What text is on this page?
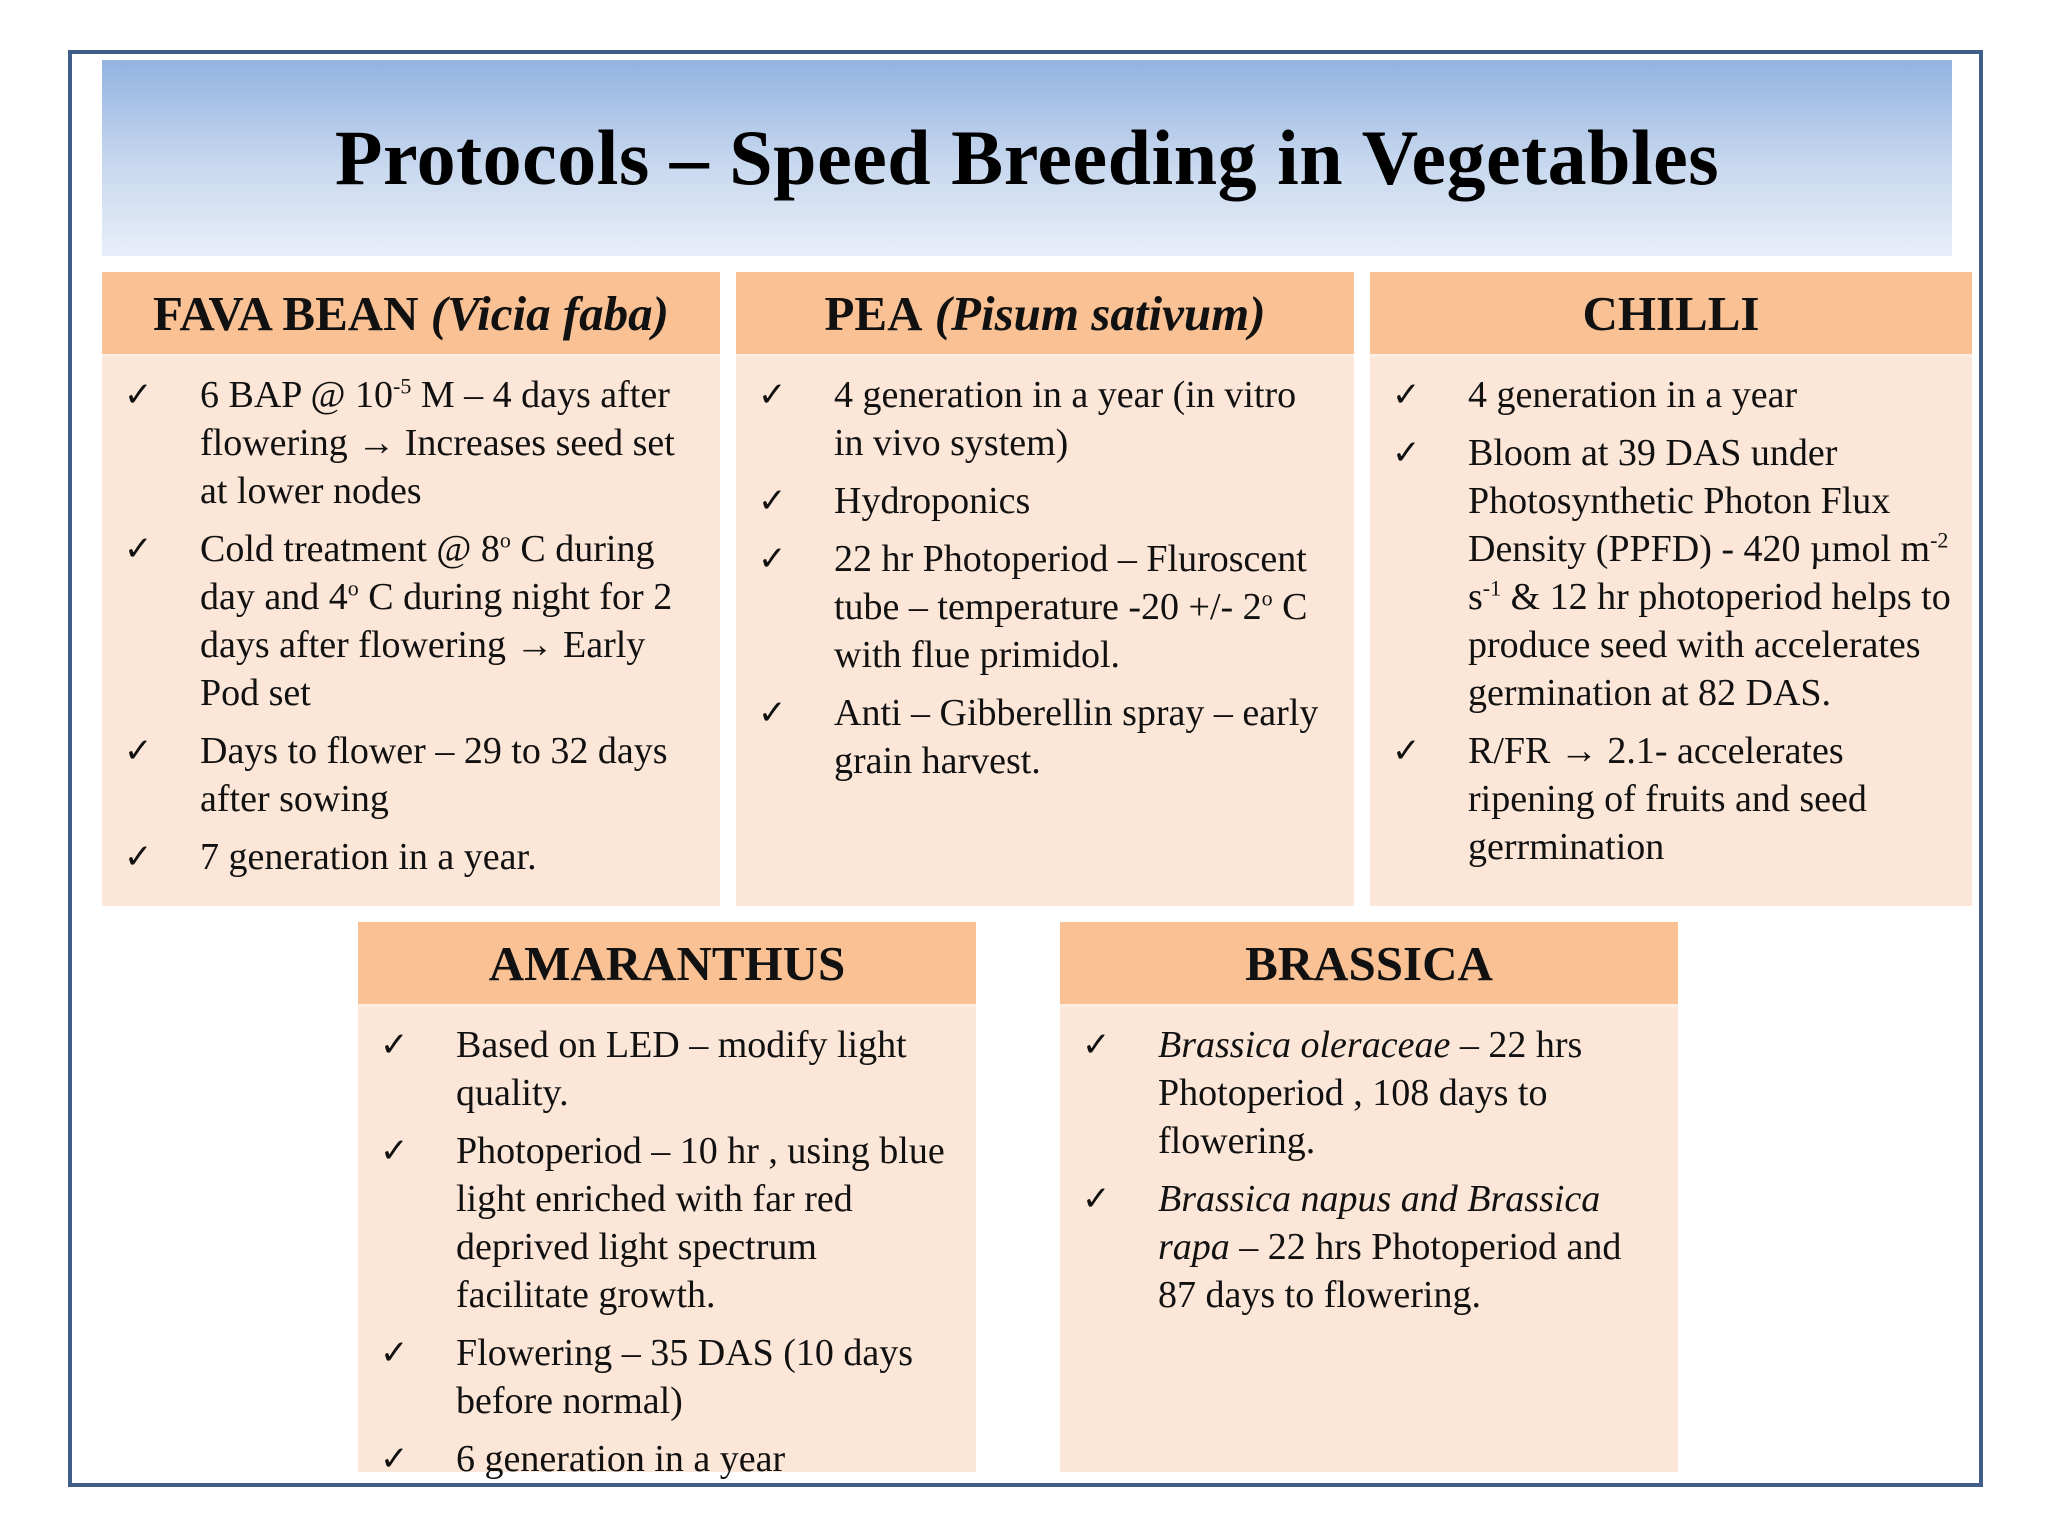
Protocols – Speed Breeding in Vegetables
FAVA BEAN
(Vicia faba)
✓ 6 BAP @ $10^{-5}$ M – 4 days after flowering → Increases seed set at lower nodes
✓ Cold treatment @ 8$^o$ C during day and 4$^o$ C during night for 2 days after flowering → Early Pod set
✓ Days to flower – 29 to 32 days after sowing
✓ 7 generation in a year.
PEA
(Pisum sativum)
✓ 4 generation in a year (in vitro in vivo system)
✓ Hydroponics
✓ 22 hr Photoperiod – Fluroscent tube – temperature -20 +/- 2$^o$ C with flue primidol.
✓ Anti – Gibberellin spray – early grain harvest.
CHILLI
✓ 4 generation in a year
✓ Bloom at 39 DAS under Photosynthetic Photon Flux Density (PPFD) - 420 µmol $m^{-2}$ $s^{-1}$ & 12 hr photoperiod helps to produce seed with accelerates germination at 82 DAS.
✓ R/FR → 2.1- accelerates ripening of fruits and seed gerrmination
AMARANTHUS
✓ Based on LED – modify light quality.
✓ Photoperiod – 10 hr , using blue light enriched with far red deprived light spectrum facilitate growth.
✓ Flowering – 35 DAS (10 days before normal)
✓ 6 generation in a year
BRASSICA
✓ Brassica oleraceae – 22 hrs Photoperiod , 108 days to flowering.
✓ Brassica napus and Brassica rapa – 22 hrs Photoperiod and 87 days to flowering.
